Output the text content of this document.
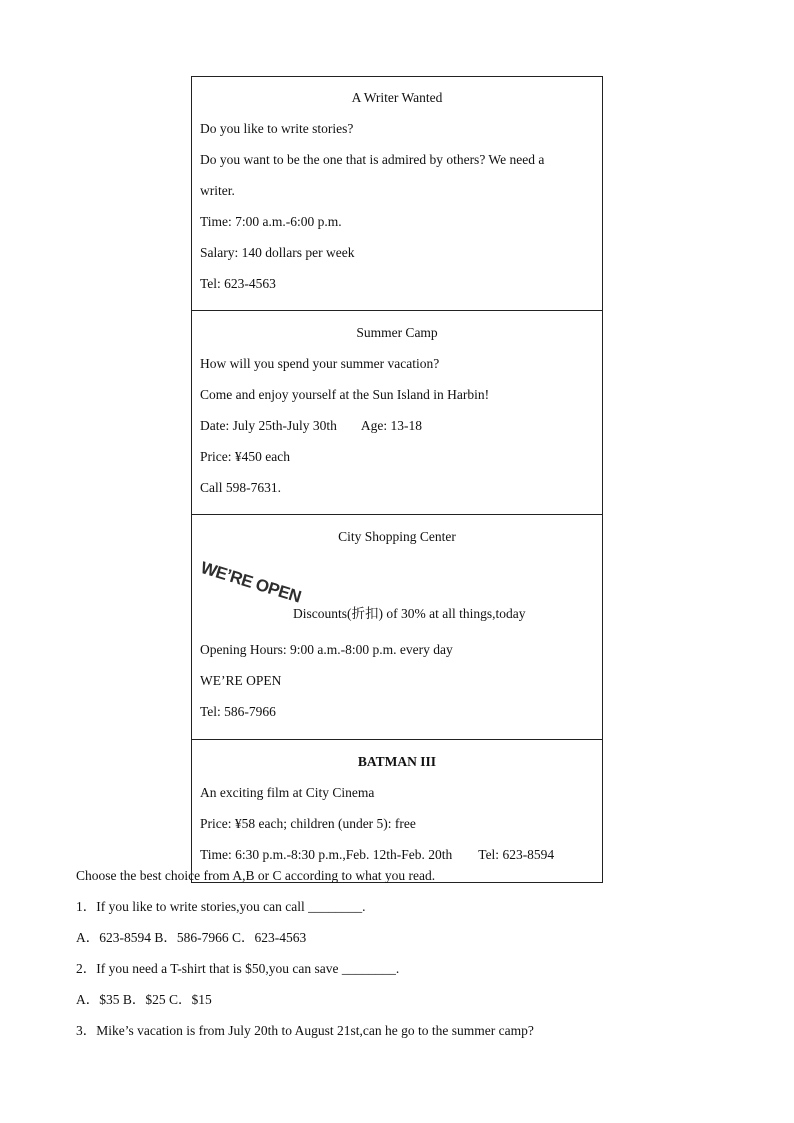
A Writer Wanted
Do you like to write stories?
Do you want to be the one that is admired by others? We need a
writer.
Time: 7:00 a.m.-6:00 p.m.
Salary: 140 dollars per week
Tel: 623-4563
Summer Camp
How will you spend your summer vacation?
Come and enjoy yourself at the Sun Island in Harbin!
Date: July 25th-July 30th Age: 13-18
Price: ¥450 each
Call 598-7631.
City Shopping Center
WE’RE OPEN
Discounts(折扣) of 30% at all things,today
Opening Hours: 9:00 a.m.-8:00 p.m. every day
WE’RE OPEN
Tel: 586-7966
BATMAN III
An exciting film at City Cinema
Price: ¥58 each; children (under 5): free
Time: 6:30 p.m.-8:30 p.m.,Feb. 12th-Feb. 20th Tel: 623-8594
Choose the best choice from A,B or C according to what you read.
1．If you like to write stories,you can call ________.
A．623-8594 B．586-7966 C．623-4563
2．If you need a T-shirt that is $50,you can save ________.
A．$35 B．$25 C．$15
3．Mike’s vacation is from July 20th to August 21st,can he go to the summer camp?
